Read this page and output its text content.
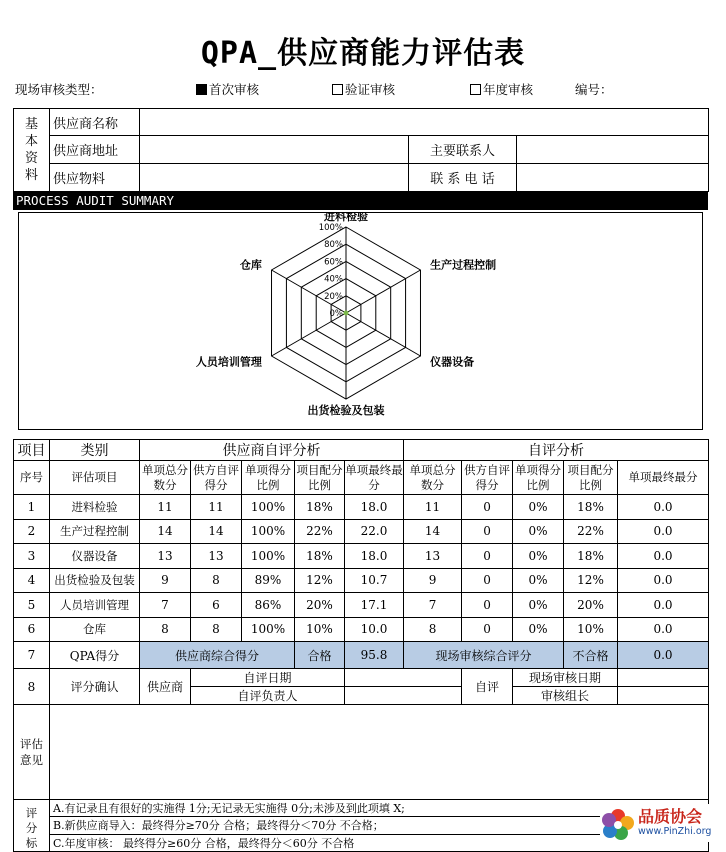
QPA_供应商能力评估表
现场审核类型：	首次审核	验证审核	年度审核	编号：
基
本
资
料	供应商名称			
	供应商地址		主要联系人	
	供应物料		联 系 电 话	
PROCESS AUDIT SUMMARY
进料检验
生产过程控制
仪器设备
出货检验及包装
人员培训管理
仓库
0%
20%
40%
60%
80%
100%
项目	类别	供应商自评分析					自评分析				
序号	评估项目	单项总分数分	供方自评得分	单项得分比例	项目配分比例	单项最终最分	单项总分数分	供方自评得分	单项得分比例	项目配分比例	单项最终最分
1	进料检验	11	11	100%	18%	18.0	11	0	0%	18%	0.0
2	生产过程控制	14	14	100%	22%	22.0	14	0	0%	22%	0.0
3	仪器设备	13	13	100%	18%	18.0	13	0	0%	18%	0.0
4	出货检验及包装	9	8	89%	12%	10.7	9	0	0%	12%	0.0
5	人员培训管理	7	6	86%	20%	17.1	7	0	0%	20%	0.0
6	仓库	8	8	100%	10%	10.0	8	0	0%	10%	0.0
7	QPA得分	供应商综合得分			合格	95.8	现场审核综合评分			不合格	0.0
8	评分确认	供应商	自评日期					自评	现场审核日期		
			自评负责人						审核组长		
评估
意见											
评
分
标	A.有记录且有很好的实施得 1分;无记录无实施得 0分;未涉及到此项填 X;										
	B.新供应商导入：最终得分≥70分 合格；最终得分＜70分 不合格；										
	C.年度审核： 最终得分≥60分 合格，最终得分＜60分 不合格										
品质协会
www.PinZhi.org
